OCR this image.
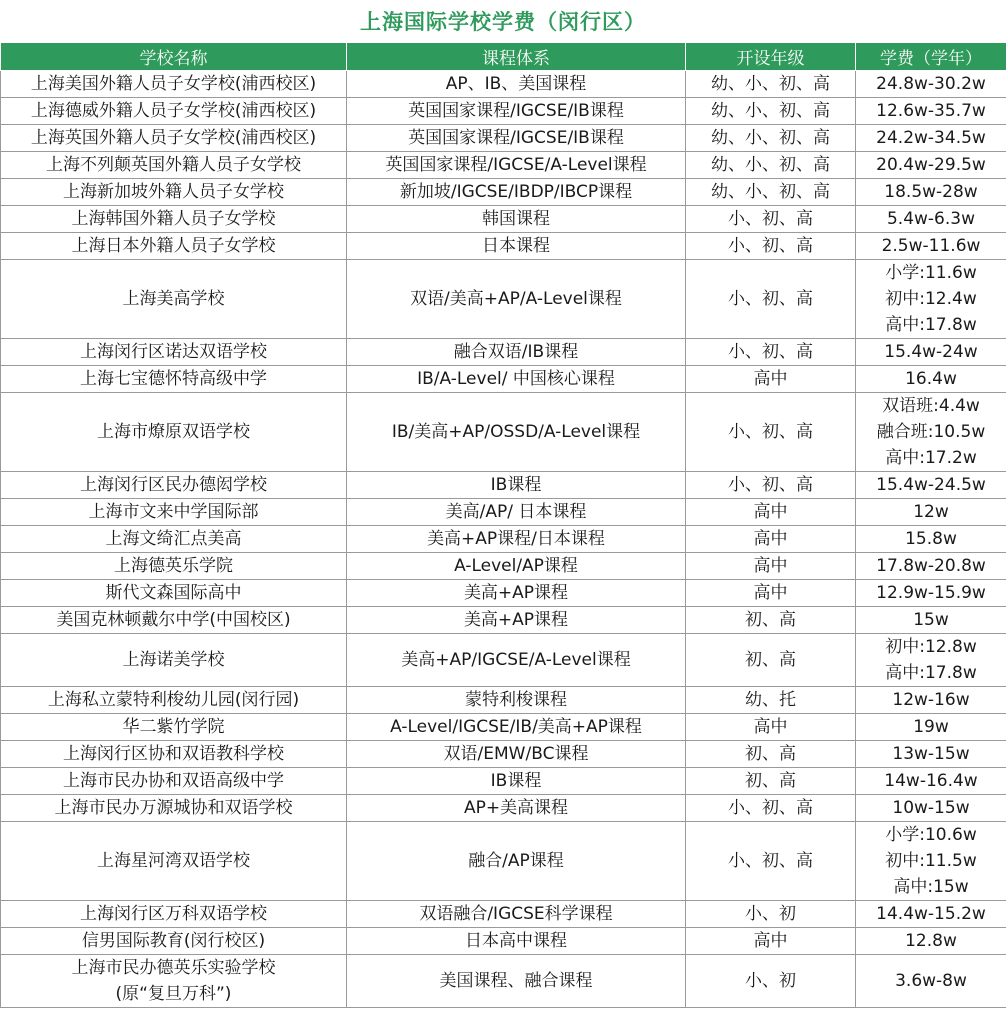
上海国际学校学费（闵行区）
学校名称	课程体系	开设年级	学费（学年）

上海美国外籍人员子女学校(浦西校区)	AP、IB、美国课程	幼、小、初、高	24.8w-30.2w

上海德威外籍人员子女学校(浦西校区)	英国国家课程/IGCSE/IB课程	幼、小、初、高	12.6w-35.7w

上海英国外籍人员子女学校(浦西校区)	英国国家课程/IGCSE/IB课程	幼、小、初、高	24.2w-34.5w

上海不列颠英国外籍人员子女学校	英国国家课程/IGCSE/A-Level课程	幼、小、初、高	20.4w-29.5w

上海新加坡外籍人员子女学校	新加坡/IGCSE/IBDP/IBCP课程	幼、小、初、高	18.5w-28w

上海韩国外籍人员子女学校	韩国课程	小、初、高	5.4w-6.3w

上海日本外籍人员子女学校	日本课程	小、初、高	2.5w-11.6w

上海美高学校	双语/美高+AP/A-Level课程	小、初、高	小学:11.6w
初中:12.4w
高中:17.8w

上海闵行区诺达双语学校	融合双语/IB课程	小、初、高	15.4w-24w

上海七宝德怀特高级中学	IB/A-Level/ 中国核心课程	高中	16.4w

上海市燎原双语学校	IB/美高+AP/OSSD/A-Level课程	小、初、高	双语班:4.4w
融合班:10.5w
高中:17.2w

上海闵行区民办德闳学校	IB课程	小、初、高	15.4w-24.5w

上海市文来中学国际部	美高/AP/ 日本课程	高中	12w

上海文绮汇点美高	美高+AP课程/日本课程	高中	15.8w

上海德英乐学院	A-Level/AP课程	高中	17.8w-20.8w

斯代文森国际高中	美高+AP课程	高中	12.9w-15.9w

美国克林顿戴尔中学(中国校区)	美高+AP课程	初、高	15w

上海诺美学校	美高+AP/IGCSE/A-Level课程	初、高	初中:12.8w
高中:17.8w

上海私立蒙特利梭幼儿园(闵行园)	蒙特利梭课程	幼、托	12w-16w

华二紫竹学院	A-Level/IGCSE/IB/美高+AP课程	高中	19w

上海闵行区协和双语教科学校	双语/EMW/BC课程	初、高	13w-15w

上海市民办协和双语高级中学	IB课程	初、高	14w-16.4w

上海市民办万源城协和双语学校	AP+美高课程	小、初、高	10w-15w

上海星河湾双语学校	融合/AP课程	小、初、高	小学:10.6w
初中:11.5w
高中:15w

上海闵行区万科双语学校	双语融合/IGCSE科学课程	小、初	14.4w-15.2w

信男国际教育(闵行校区)	日本高中课程	高中	12.8w

上海市民办德英乐实验学校
(原“复旦万科”)	美国课程、融合课程	小、初	3.6w-8w
